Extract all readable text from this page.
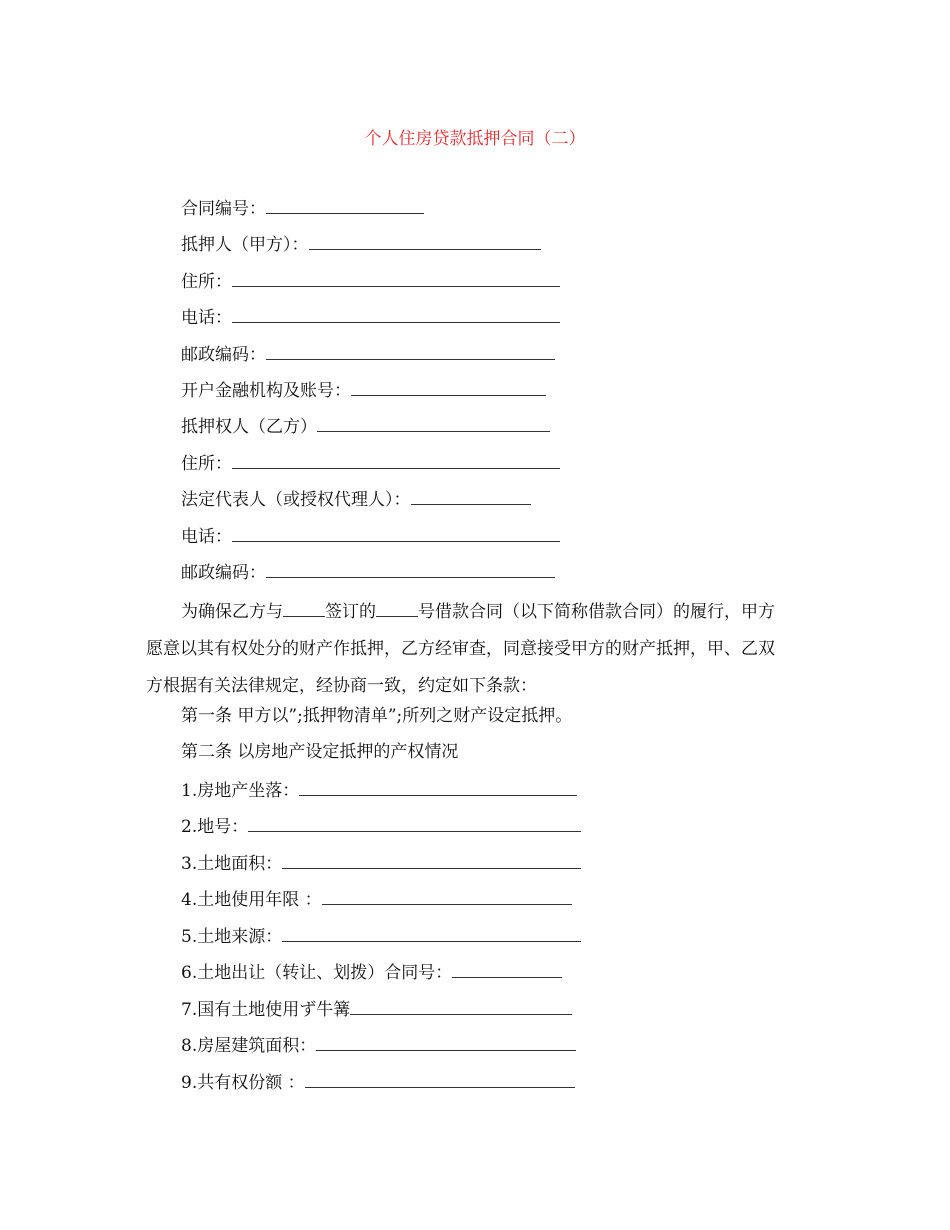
个人住房贷款抵押合同（二）
合同编号：
抵押人（甲方）：
住所：
电话：
邮政编码：
开户金融机构及账号：
抵押权人（乙方）
住所：
法定代表人（或授权代理人）：
电话：
邮政编码：
为确保乙方与 签订的 号借款合同（以下简称借款合同）的履行，甲方愿意以其有权处分的财产作抵押，乙方经审查，同意接受甲方的财产抵押，甲、乙双方根据有关法律规定，经协商一致，约定如下条款：
第一条 甲方以”;抵押物清单”;所列之财产设定抵押。
第二条 以房地产设定抵押的产权情况
1.房地产坐落：
2.地号：
3.土地面积：
4.土地使用年限 ：
5.土地来源：
6.土地出让（转让、划拨）合同号：
7.国有土地使用ず牛篝
8.房屋建筑面积：
9.共有权份额 ：
